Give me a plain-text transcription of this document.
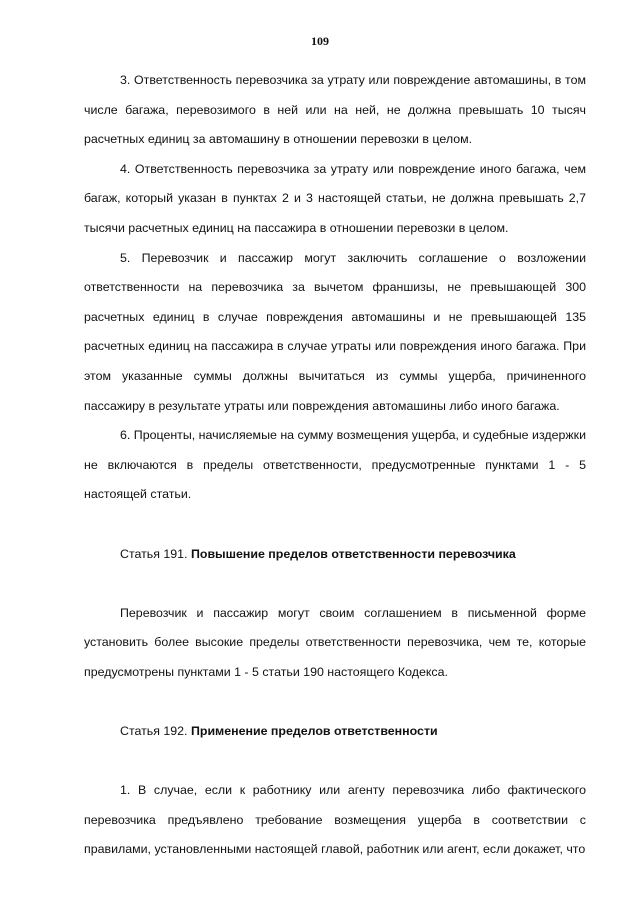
109

3. Ответственность перевозчика за утрату или повреждение автомашины, в том числе багажа, перевозимого в ней или на ней, не должна превышать 10 тысяч расчетных единиц за автомашину в отношении перевозки в целом.

4. Ответственность перевозчика за утрату или повреждение иного багажа, чем багаж, который указан в пунктах 2 и 3 настоящей статьи, не должна превышать 2,7 тысячи расчетных единиц на пассажира в отношении перевозки в целом.

5. Перевозчик и пассажир могут заключить соглашение о возложении ответственности на перевозчика за вычетом франшизы, не превышающей 300 расчетных единиц в случае повреждения автомашины и не превышающей 135 расчетных единиц на пассажира в случае утраты или повреждения иного багажа. При этом указанные суммы должны вычитаться из суммы ущерба, причиненного пассажиру в результате утраты или повреждения автомашины либо иного багажа.

6. Проценты, начисляемые на сумму возмещения ущерба, и судебные издержки не включаются в пределы ответственности, предусмотренные пунктами 1 - 5 настоящей статьи.

Статья 191. Повышение пределов ответственности перевозчика

Перевозчик и пассажир могут своим соглашением в письменной форме установить более высокие пределы ответственности перевозчика, чем те, которые предусмотрены пунктами 1 - 5 статьи 190 настоящего Кодекса.

Статья 192. Применение пределов ответственности

1. В случае, если к работнику или агенту перевозчика либо фактического перевозчика предъявлено требование возмещения ущерба в соответствии с правилами, установленными настоящей главой, работник или агент, если докажет, что
